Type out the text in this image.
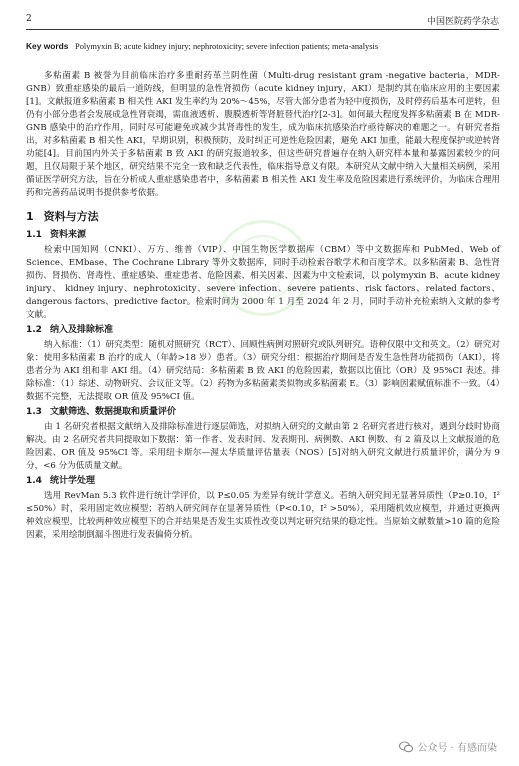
2	中国医院药学杂志
Key words Polymyxin B; acute kidney injury; nephrotoxicity; severe infection patients; meta-analysis

多粘菌素 B 被誉为目前临床治疗多重耐药革兰阴性菌（Multi-drug resistant gram -negative bacteria，MDR-GNB）致重症感染的最后一道防线，但明显的急性肾损伤（acute kidney injury，AKI）是制约其在临床应用的主要因素[1]。文献报道多粘菌素 B 相关性 AKI 发生率约为 20%～45%，尽管大部分患者为轻中度损伤，及时停药后基本可逆转，但仍有小部分患者会发展成急性肾衰竭，需血液透析、腹膜透析等肾脏替代治疗[2-3]。如何最大程度发挥多粘菌素 B 在 MDR-GNB 感染中的治疗作用，同时尽可能避免或减少其肾毒性的发生，成为临床抗感染治疗亟待解决的难题之一。有研究者指出，对多粘菌素 B 相关性 AKI，早期识别，积极预防，及时纠正可逆性危险因素，避免 AKI 加重，能最大程度保护或逆转肾功能[4]。目前国内外关于多粘菌素 B 致 AKI 的研究报道较多，但这些研究普遍存在纳入研究样本量和暴露因素较少的问题，且仅局限于某个地区，研究结果不完全一致和缺乏代表性，临床指导意义有限。本研究从文献中纳入大量相关病例，采用循证医学研究方法，旨在分析成人重症感染患者中，多粘菌素 B 相关性 AKI 发生率及危险因素进行系统评价，为临床合理用药和完善药品说明书提供参考依据。

1 资料与方法
1.1 资料来源

检索中国知网（CNKI）、万方、维普（VIP）、中国生物医学数据库（CBM）等中文数据库和 PubMed、Web of Science、EMbase、The Cochrane Library 等外文数据库，同时手动检索谷歌学术和百度学术。以多粘菌素 B、急性肾损伤、肾损伤、肾毒性、重症感染、重症患者、危险因素、相关因素、因素为中文检索词，以 polymyxin B、acute kidney injury、 kidney injury、nephrotoxicity、severe infection、severe patients、risk factors、related factors、dangerous factors、predictive factor。检索时间为 2000 年 1 月至 2024 年 2 月，同时手动补充检索纳入文献的参考文献。

1.2 纳入及排除标准

纳入标准：（1）研究类型：随机对照研究（RCT）、回顾性病例对照研究或队列研究。语种仅限中文和英文。（2）研究对象：使用多粘菌素 B 治疗的成人（年龄>18 岁）患者。（3）研究分组：根据治疗期间是否发生急性肾功能损伤（AKI），将患者分为 AKI 组和非 AKI 组。（4）研究结局：多粘菌素 B 致 AKI 的危险因素，数据以比值比（OR）及 95%CI 表述。排除标准：（1）综述、动物研究、会议征文等。（2）药物为多粘菌素类似物或多粘菌素 E。（3）影响因素赋值标准不一致。（4）数据不完整，无法提取 OR 值及 95%CI 值。

1.3 文献筛选、数据提取和质量评价

由 1 名研究者根据文献纳入及排除标准进行逐层筛选，对拟纳入研究的文献由第 2 名研究者进行核对，遇到分歧时协商解决。由 2 名研究者共同提取如下数据：第一作者、发表时间、发表期刊、病例数、AKI 例数、有 2 篇及以上文献报道的危险因素、OR 值及 95%CI 等。采用纽卡斯尔—渥太华质量评估量表（NOS）[5]对纳入研究文献进行质量评价，满分为 9 分，<6 分为低质量文献。

1.4 统计学处理

选用 RevMan 5.3 软件进行统计学评价，以 P≤0.05 为差异有统计学意义。若纳入研究间无显著异质性（P≥0.10，I² ≤50%）时，采用固定效应模型；若纳入研究间存在显著异质性（P<0.10，I² >50%），采用随机效应模型，并通过更换两种效应模型，比较两种效应模型下的合并结果是否发生实质性改变以判定研究结果的稳定性。当原始文献数量>10 篇的危险因素，采用绘制倒漏斗图进行发表偏倚分析。

公众号 · 有感而染
